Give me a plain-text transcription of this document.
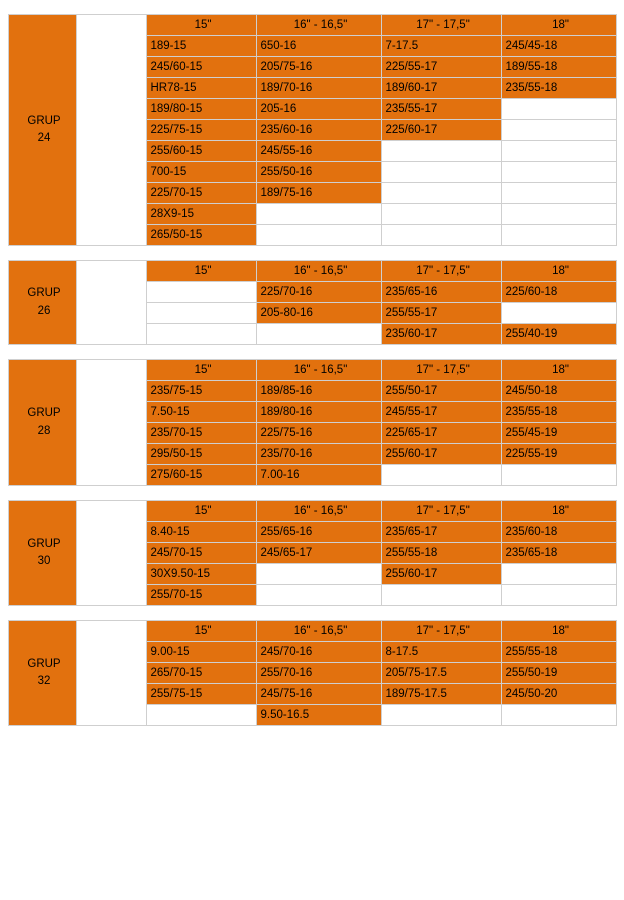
GRUP
24		15"	16" - 16,5"	17" - 17,5"	18"
		189-15	650-16	7-17.5	245/45-18
		245/60-15	205/75-16	225/55-17	189/55-18
		HR78-15	189/70-16	189/60-17	235/55-18
		189/80-15	205-16	235/55-17	
		225/75-15	235/60-16	225/60-17	
		255/60-15	245/55-16		
		700-15	255/50-16		
		225/70-15	189/75-16		
		28X9-15			
		265/50-15			
GRUP
26		15"	16" - 16,5"	17" - 17,5"	18"
			225/70-16	235/65-16	225/60-18
			205-80-16	255/55-17	
				235/60-17	255/40-19
GRUP
28		15"	16" - 16,5"	17" - 17,5"	18"
		235/75-15	189/85-16	255/50-17	245/50-18
		7.50-15	189/80-16	245/55-17	235/55-18
		235/70-15	225/75-16	225/65-17	255/45-19
		295/50-15	235/70-16	255/60-17	225/55-19
		275/60-15	7.00-16		
GRUP
30		15"	16" - 16,5"	17" - 17,5"	18"
		8.40-15	255/65-16	235/65-17	235/60-18
		245/70-15	245/65-17	255/55-18	235/65-18
		30X9.50-15		255/60-17	
		255/70-15			
GRUP
32		15"	16" - 16,5"	17" - 17,5"	18"
		9.00-15	245/70-16	8-17.5	255/55-18
		265/70-15	255/70-16	205/75-17.5	255/50-19
		255/75-15	245/75-16	189/75-17.5	245/50-20
			9.50-16.5		
